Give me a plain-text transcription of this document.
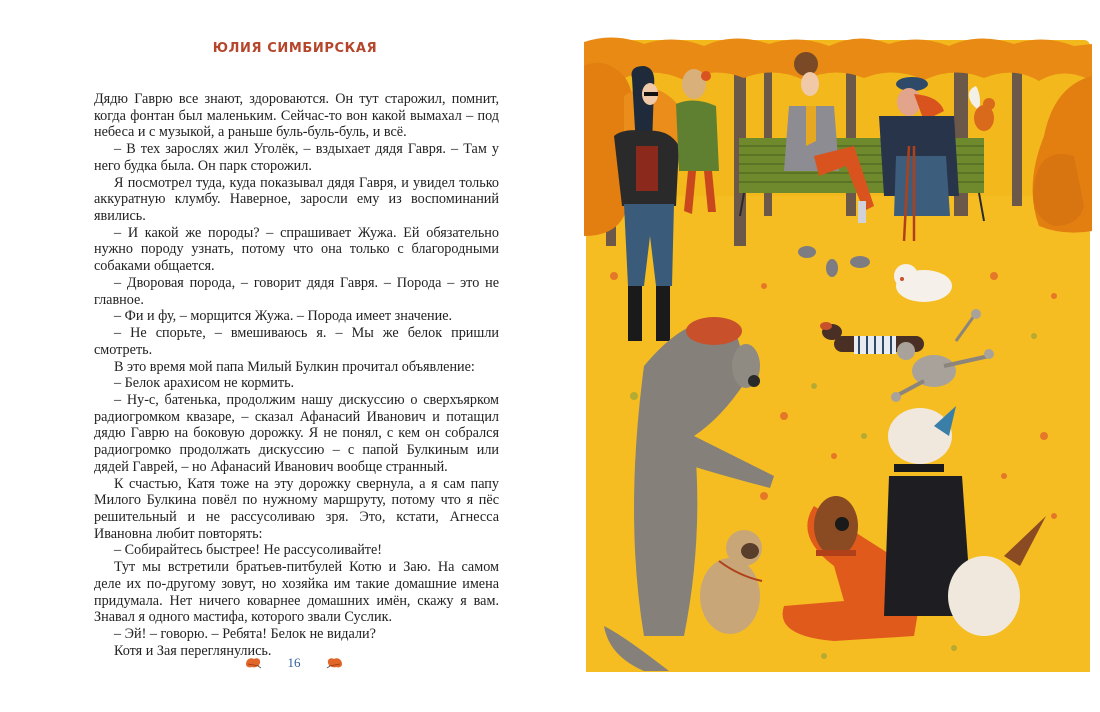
ЮЛИЯ СИМБИРСКАЯ

Дядю Гаврю все знают, здороваются. Он тут старожил, помнит, когда фонтан был маленьким. Сейчас-то вон какой вымахал – под небеса и с музыкой, а раньше буль-буль-буль, и всё.

– В тех зарослях жил Уголёк, – вздыхает дядя Гавря. – Там у него будка была. Он парк сторожил.

Я посмотрел туда, куда показывал дядя Гавря, и увидел только аккуратную клумбу. Наверное, заросли ему из воспоминаний явились.

– И какой же породы? – спрашивает Жужа. Ей обязательно нужно породу узнать, потому что она только с благородными собаками общается.

– Дворовая порода, – говорит дядя Гавря. – Порода – это не главное.

– Фи и фу, – морщится Жужа. – Порода имеет значение.

– Не спорьте, – вмешиваюсь я. – Мы же белок пришли смотреть.

В это время мой папа Милый Булкин прочитал объявление:

– Белок арахисом не кормить.

– Ну-с, батенька, продолжим нашу дискуссию о сверхъярком радиогромком квазаре, – сказал Афанасий Иванович и потащил дядю Гаврю на боковую дорожку. Я не понял, с кем он собрался радиогромко продолжать дискуссию – с папой Булкиным или дядей Гаврей, – но Афанасий Иванович вообще странный.

К счастью, Катя тоже на эту дорожку свернула, а я сам папу Милого Булкина повёл по нужному маршруту, потому что я пёс решительный и не рассусоливаю зря. Это, кстати, Агнесса Ивановна любит повторять:

– Собирайтесь быстрее! Не рассусоливайте!

Тут мы встретили братьев-питбулей Котю и Заю. На самом деле их по-другому зовут, но хозяйка им такие домашние имена придумала. Нет ничего коварнее домашних имён, скажу я вам. Знавал я одного мастифа, которого звали Суслик.

– Эй! – говорю. – Ребята! Белок не видали?

Котя и Зая переглянулись.

16
